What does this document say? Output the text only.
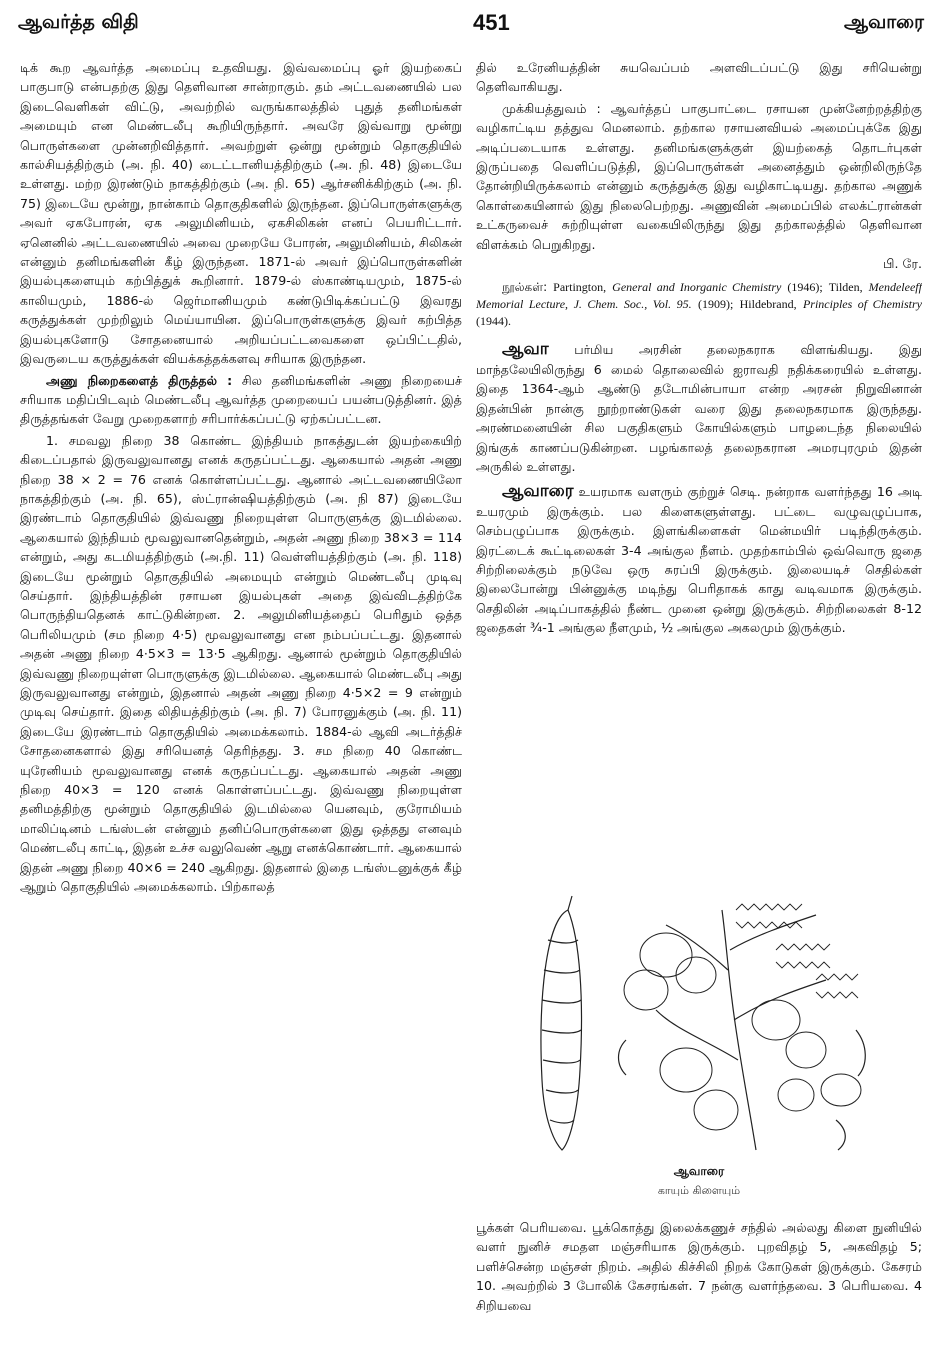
ஆவர்த்த விதி	451	ஆவாரை

டிக் கூற ஆவர்த்த அமைப்பு உதவியது. இவ்வமைப்பு ஓர் இயற்கைப் பாகுபாடு என்பதற்கு இது தெளிவான சான்றாகும். தம் அட்டவணையில் பல இடைவெளிகள் விட்டு, அவற்றில் வருங்காலத்தில் புதுத் தனிமங்கள் அமையும் என மெண்டலீபு கூறியிருந்தார். அவரே இவ்வாறு மூன்று பொருள்களை முன்னறிவித்தார். அவற்றுள் ஒன்று மூன்றும் தொகுதியில் கால்சியத்திற்கும் (அ. நி. 40) டைட்டானியத்திற்கும் (அ. நி. 48) இடையே உள்ளது. மற்ற இரண்டும் நாகத்திற்கும் (அ. நி. 65) ஆர்சனிக்கிற்கும் (அ. நி. 75) இடையே மூன்று, நான்காம் தொகுதிகளில் இருந்தன. இப்பொருள்களுக்கு அவர் ஏகபோரன், ஏக அலுமினியம், ஏகசிலிகன் எனப் பெயரிட்டார். ஏனெனில் அட்டவணையில் அவை முறையே போரன், அலுமினியம், சிலிகன் என்னும் தனிமங்களின் கீழ் இருந்தன. 1871-ல் அவர் இப்பொருள்களின் இயல்புகளையும் கற்பித்துக் கூறினார். 1879-ல் ஸ்காண்டியமும், 1875-ல் காலியமும், 1886-ல் ஜெர்மானியமும் கண்டுபிடிக்கப்பட்டு இவரது கருத்துக்கள் முற்றிலும் மெய்யாயின. இப்பொருள்களுக்கு இவர் கற்பித்த இயல்புகளோடு சோதனையால் அறியப்பட்டவைகளை ஒப்பிட்டதில், இவருடைய கருத்துக்கள் வியக்கத்தக்களவு சரியாக இருந்தன.

அணு நிறைகளைத் திருத்தல் : சில தனிமங்களின் அணு நிறையைச் சரியாக மதிப்பிடவும் மெண்டலீபு ஆவர்த்த முறையைப் பயன்படுத்தினர். இத் திருத்தங்கள் வேறு முறைகளாற் சரிபார்க்கப்பட்டு ஏற்கப்பட்டன.

1. சமவலு நிறை 38 கொண்ட இந்தியம் நாகத்துடன் இயற்கையிற் கிடைப்பதால் இருவலுவானது எனக் கருதப்பட்டது. ஆகையால் அதன் அணு நிறை 38 × 2 = 76 எனக் கொள்ளப்பட்டது. ஆனால் அட்டவணையிலோ நாகத்திற்கும் (அ. நி. 65), ஸ்ட்ரான்ஷியத்திற்கும் (அ. நி 87) இடையே இரண்டாம் தொகுதியில் இவ்வணு நிறையுள்ள பொருளுக்கு இடமில்லை. ஆகையால் இந்தியம் மூவலுவானதென்றும், அதன் அணு நிறை 38×3 = 114 என்றும், அது கடமியத்திற்கும் (அ.நி. 11) வெள்ளியத்திற்கும் (அ. நி. 118) இடையே மூன்றும் தொகுதியில் அமையும் என்றும் மெண்டலீபு முடிவு செய்தார். இந்தியத்தின் ரசாயன இயல்புகள் அதை இவ்விடத்திற்கே பொருந்தியதெனக் காட்டுகின்றன. 2. அலுமினியத்தைப் பெரிதும் ஒத்த பெரிலியமும் (சம நிறை 4·5) மூவலுவானது என நம்பப்பட்டது. இதனால் அதன் அணு நிறை 4·5×3 = 13·5 ஆகிறது. ஆனால் மூன்றும் தொகுதியில் இவ்வணு நிறையுள்ள பொருளுக்கு இடமில்லை. ஆகையால் மெண்டலீபு அது இருவலுவானது என்றும், இதனால் அதன் அணு நிறை 4·5×2 = 9 என்றும் முடிவு செய்தார். இதை லிதியத்திற்கும் (அ. நி. 7) போரனுக்கும் (அ. நி. 11) இடையே இரண்டாம் தொகுதியில் அமைக்கலாம். 1884-ல் ஆவி அடர்த்திச் சோதனைகளால் இது சரியெனத் தெரிந்தது. 3. சம நிறை 40 கொண்ட யுரேனியம் மூவலுவானது எனக் கருதப்பட்டது. ஆகையால் அதன் அணு நிறை 40×3 = 120 எனக் கொள்ளப்பட்டது. இவ்வணு நிறையுள்ள தனிமத்திற்கு மூன்றும் தொகுதியில் இடமில்லை யெனவும், குரோமியம் மாலிப்டினம் டங்ஸ்டன் என்னும் தனிப்பொருள்களை இது ஒத்தது எனவும் மெண்டலீபு காட்டி, இதன் உச்ச வலுவெண் ஆறு எனக்கொண்டார். ஆகையால் இதன் அணு நிறை 40×6 = 240 ஆகிறது. இதனால் இதை டங்ஸ்டனுக்குக் கீழ் ஆறும் தொகுதியில் அமைக்கலாம். பிற்காலத்

தில் உரேனியத்தின் சுயவெப்பம் அளவிடப்பட்டு இது சரியென்று தெளிவாகியது.

முக்கியத்துவம் : ஆவர்த்தப் பாகுபாட்டை ரசாயன முன்னேற்றத்திற்கு வழிகாட்டிய தத்துவ மெனலாம். தற்கால ரசாயனவியல் அமைப்புக்கே இது அடிப்படையாக உள்ளது. தனிமங்களுக்குள் இயற்கைத் தொடர்புகள் இருப்பதை வெளிப்படுத்தி, இப்பொருள்கள் அனைத்தும் ஒன்றிலிருந்தே தோன்றியிருக்கலாம் என்னும் கருத்துக்கு இது வழிகாட்டியது. தற்கால அணுக் கொள்கையினால் இது நிலைபெற்றது. அணுவின் அமைப்பில் எலக்ட்ரான்கள் உட்கருவைச் சுற்றியுள்ள வகையிலிருந்து இது தற்காலத்தில் தெளிவான விளக்கம் பெறுகிறது.
பி. ரே.

நூல்கள்: Partington, General and Inorganic Chemistry (1946); Tilden, Mendeleeff Memorial Lecture, J. Chem. Soc., Vol. 95. (1909); Hildebrand, Principles of Chemistry (1944).

ஆவா பர்மிய அரசின் தலைநகராக விளங்கியது. இது மாந்தலேயிலிருந்து 6 மைல் தொலைவில் ஐராவதி நதிக்கரையில் உள்ளது. இதை 1364-ஆம் ஆண்டு தடோமின்பாயா என்ற அரசன் நிறுவினான் இதன்பின் நான்கு நூற்றாண்டுகள் வரை இது தலைநகரமாக இருந்தது. அரண்மனையின் சில பகுதிகளும் கோயில்களும் பாழடைந்த நிலையில் இங்குக் காணப்படுகின்றன. பழங்காலத் தலைநகரான அமரபுரமும் இதன் அருகில் உள்ளது.

ஆவாரை உயரமாக வளரும் குற்றுச் செடி. நன்றாக வளர்ந்தது 16 அடி உயரமும் இருக்கும். பல கிளைகளுள்ளது. பட்டை வழுவழுப்பாக, செம்பழுப்பாக இருக்கும். இளங்கிளைகள் மென்மயிர் படிந்திருக்கும். இரட்டைக் கூட்டிலைகள் 3-4 அங்குல நீளம். முதற்காம்பில் ஒவ்வொரு ஜதை சிற்றிலைக்கும் நடுவே ஒரு சுரப்பி இருக்கும். இலையடிச் செதில்கள் இலைபோன்று பின்னுக்கு மடிந்து பெரிதாகக் காது வடிவமாக இருக்கும். செதிலின் அடிப்பாகத்தில் நீண்ட முனை ஒன்று இருக்கும். சிற்றிலைகள் 8-12 ஜதைகள் ¾-1 அங்குல நீளமும், ½ அங்குல அகலமும் இருக்கும்.

ஆவாரை
காயும் கிளையும்
பூக்கள் பெரியவை. பூக்கொத்து இலைக்கணுச் சந்தில் அல்லது கிளை நுனியில் வளர் நுனிச் சமதள மஞ்சரியாக இருக்கும். புறவிதழ் 5, அகவிதழ் 5; பளிச்சென்ற மஞ்சள் நிறம். அதில் கிச்சிலி நிறக் கோடுகள் இருக்கும். கேசரம் 10. அவற்றில் 3 போலிக் கேசரங்கள். 7 நன்கு வளர்ந்தவை. 3 பெரியவை. 4 சிறியவை
